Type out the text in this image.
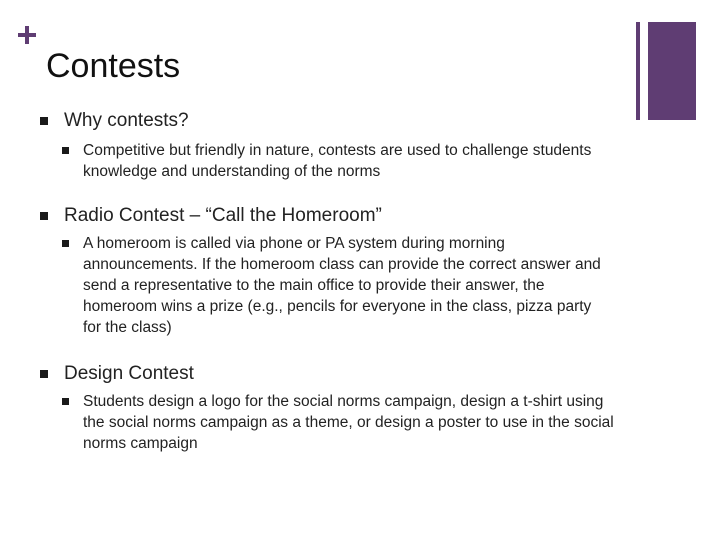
Contests
Why contests?
Competitive but friendly in nature, contests are used to challenge students knowledge and understanding of the norms
Radio Contest – “Call the Homeroom”
A homeroom is called via phone or PA system during morning announcements. If the homeroom class can provide the correct answer and send a representative to the main office to provide their answer, the homeroom wins a prize (e.g., pencils for everyone in the class, pizza party for the class)
Design Contest
Students design a logo for the social norms campaign, design a t-shirt using the social norms campaign as a theme, or design a poster to use in the social norms campaign
